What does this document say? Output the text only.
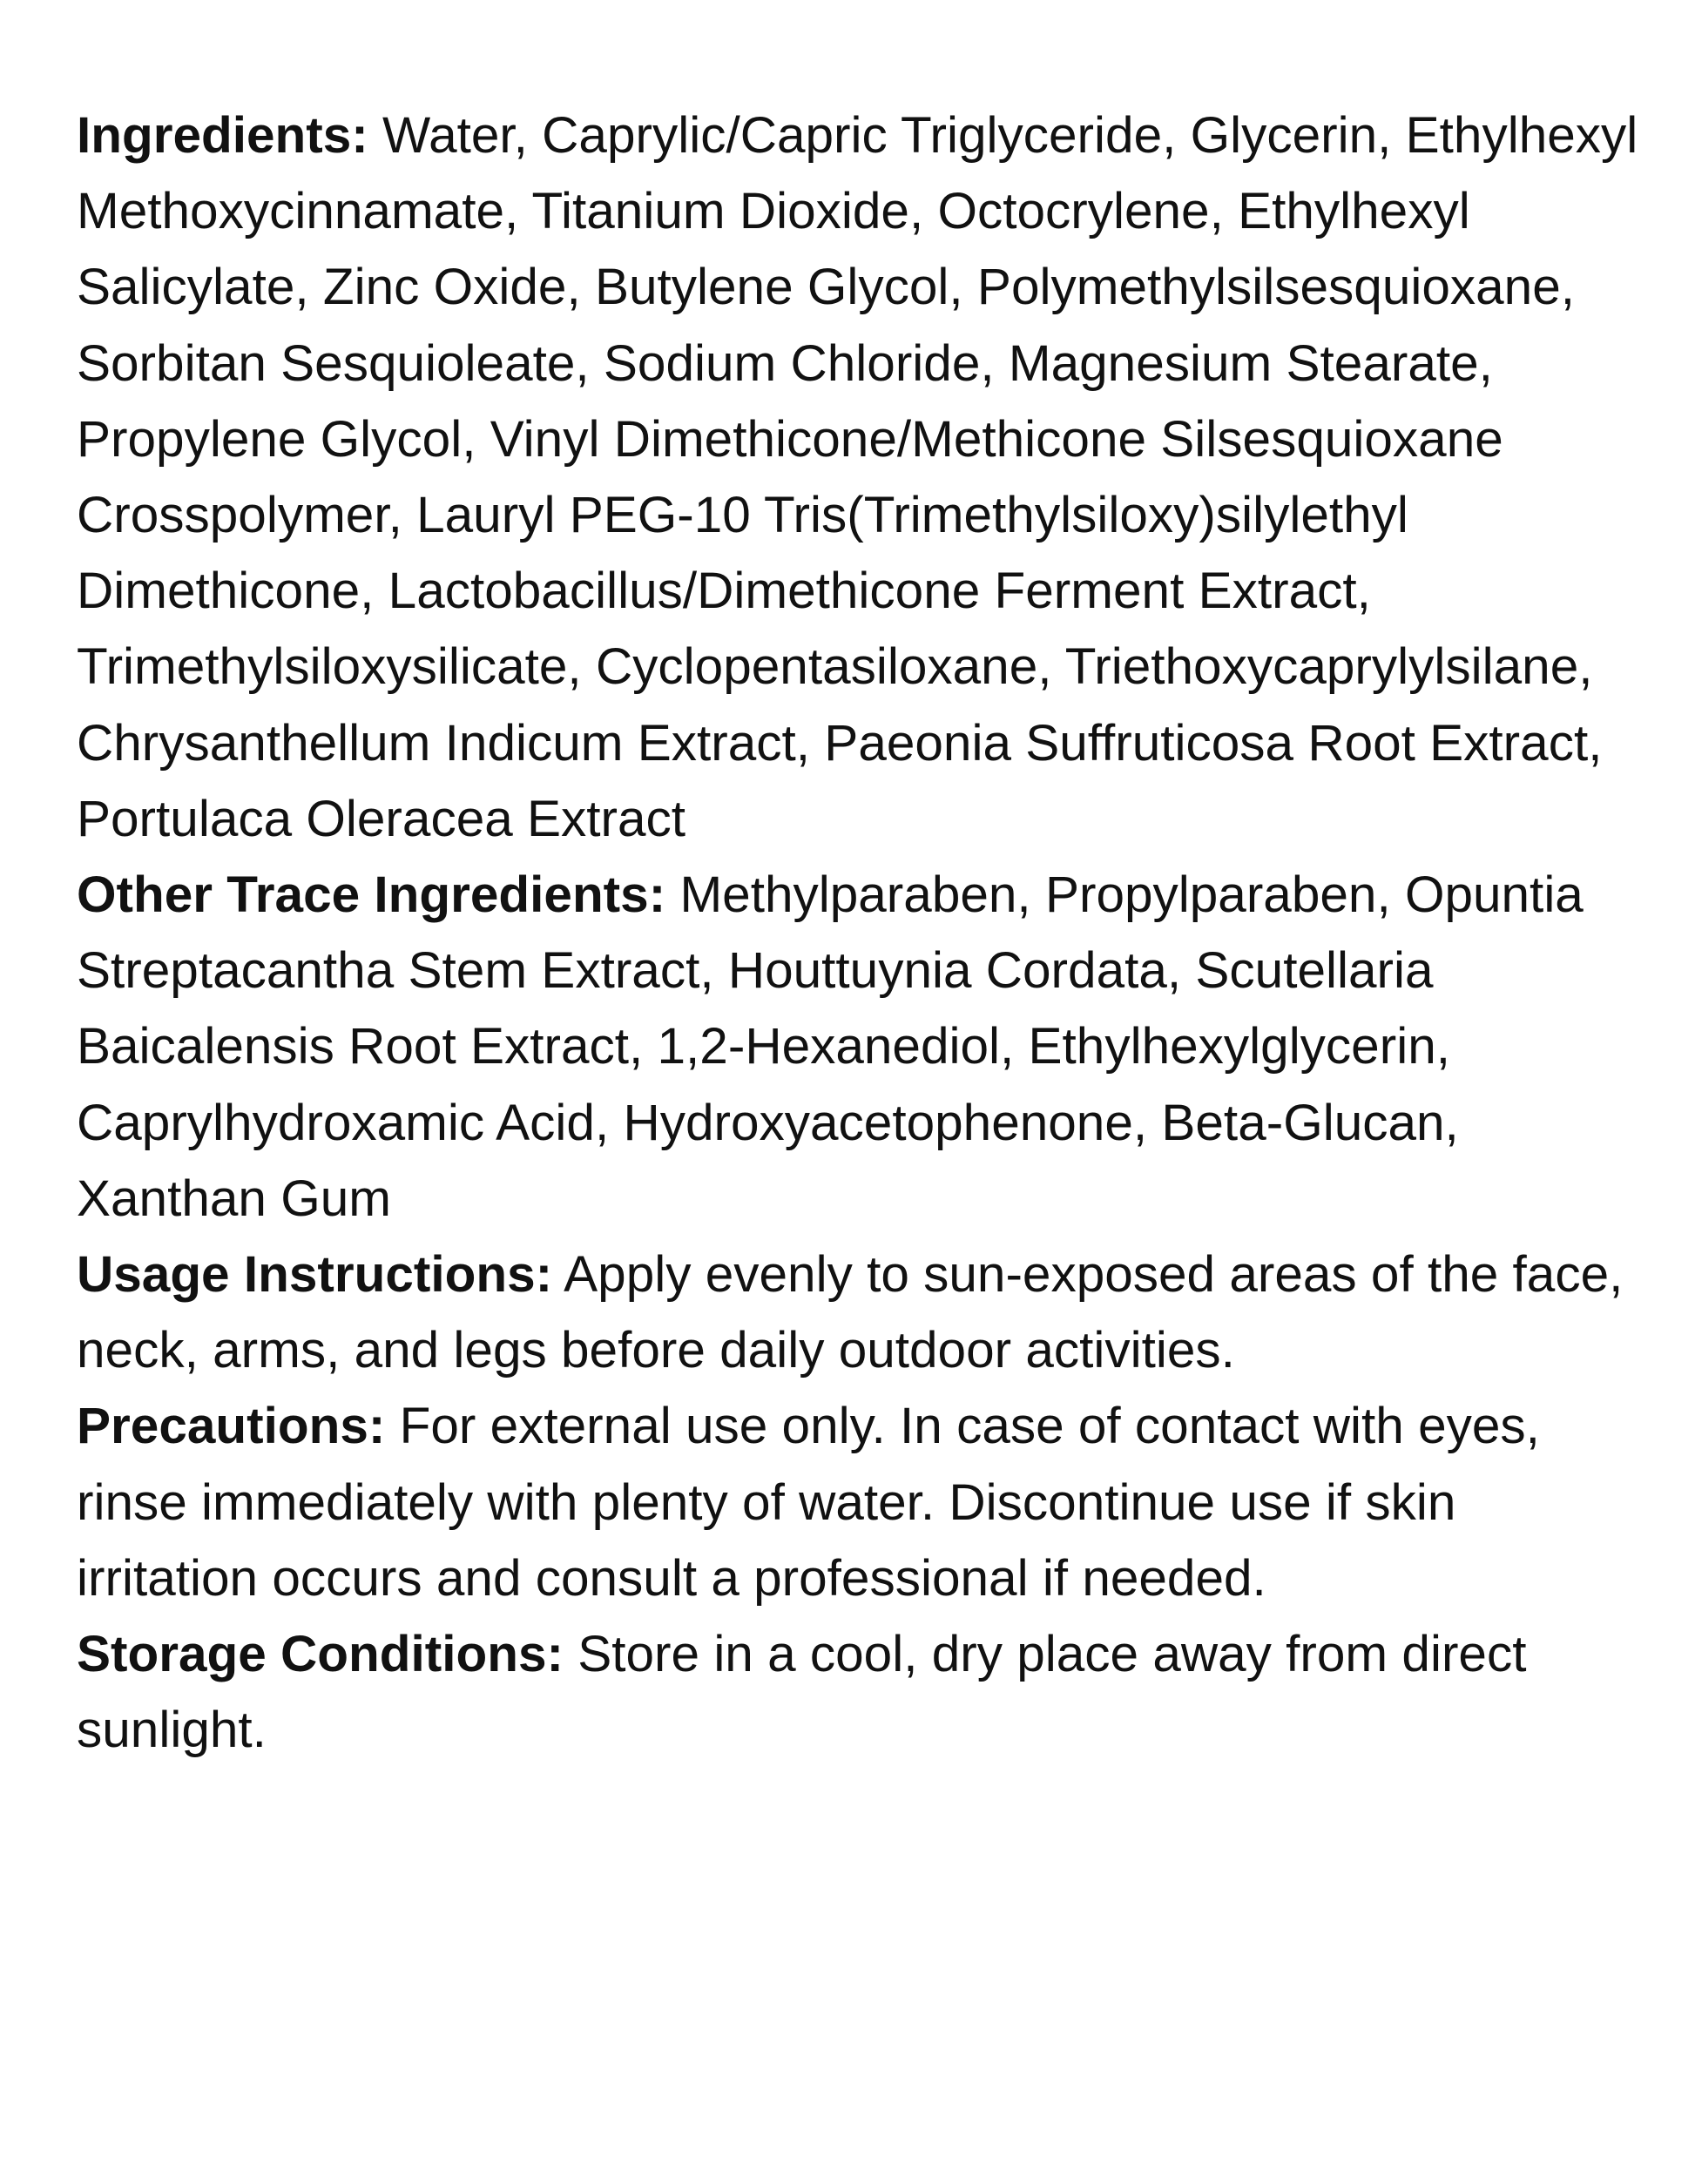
Ingredients: Water, Caprylic/Capric Triglyceride, Glycerin, Ethylhexyl Methoxycinnamate, Titanium Dioxide, Octocrylene, Ethylhexyl Salicylate, Zinc Oxide, Butylene Glycol, Polymethylsilsesquioxane, Sorbitan Sesquioleate, Sodium Chloride, Magnesium Stearate, Propylene Glycol, Vinyl Dimethicone/Methicone Silsesquioxane Crosspolymer, Lauryl PEG-10 Tris(Trimethylsiloxy)silylethyl Dimethicone, Lactobacillus/Dimethicone Ferment Extract, Trimethylsiloxysilicate, Cyclopentasiloxane, Triethoxycaprylylsilane, Chrysanthellum Indicum Extract, Paeonia Suffruticosa Root Extract, Portulaca Oleracea Extract

Other Trace Ingredients: Methylparaben, Propylparaben, Opuntia Streptacantha Stem Extract, Houttuynia Cordata, Scutellaria Baicalensis Root Extract, 1,2-Hexanediol, Ethylhexylglycerin, Caprylhydroxamic Acid, Hydroxyacetophenone, Beta-Glucan, Xanthan Gum

Usage Instructions: Apply evenly to sun-exposed areas of the face, neck, arms, and legs before daily outdoor activities.

Precautions: For external use only. In case of contact with eyes, rinse immediately with plenty of water. Discontinue use if skin irritation occurs and consult a professional if needed.

Storage Conditions: Store in a cool, dry place away from direct sunlight.
